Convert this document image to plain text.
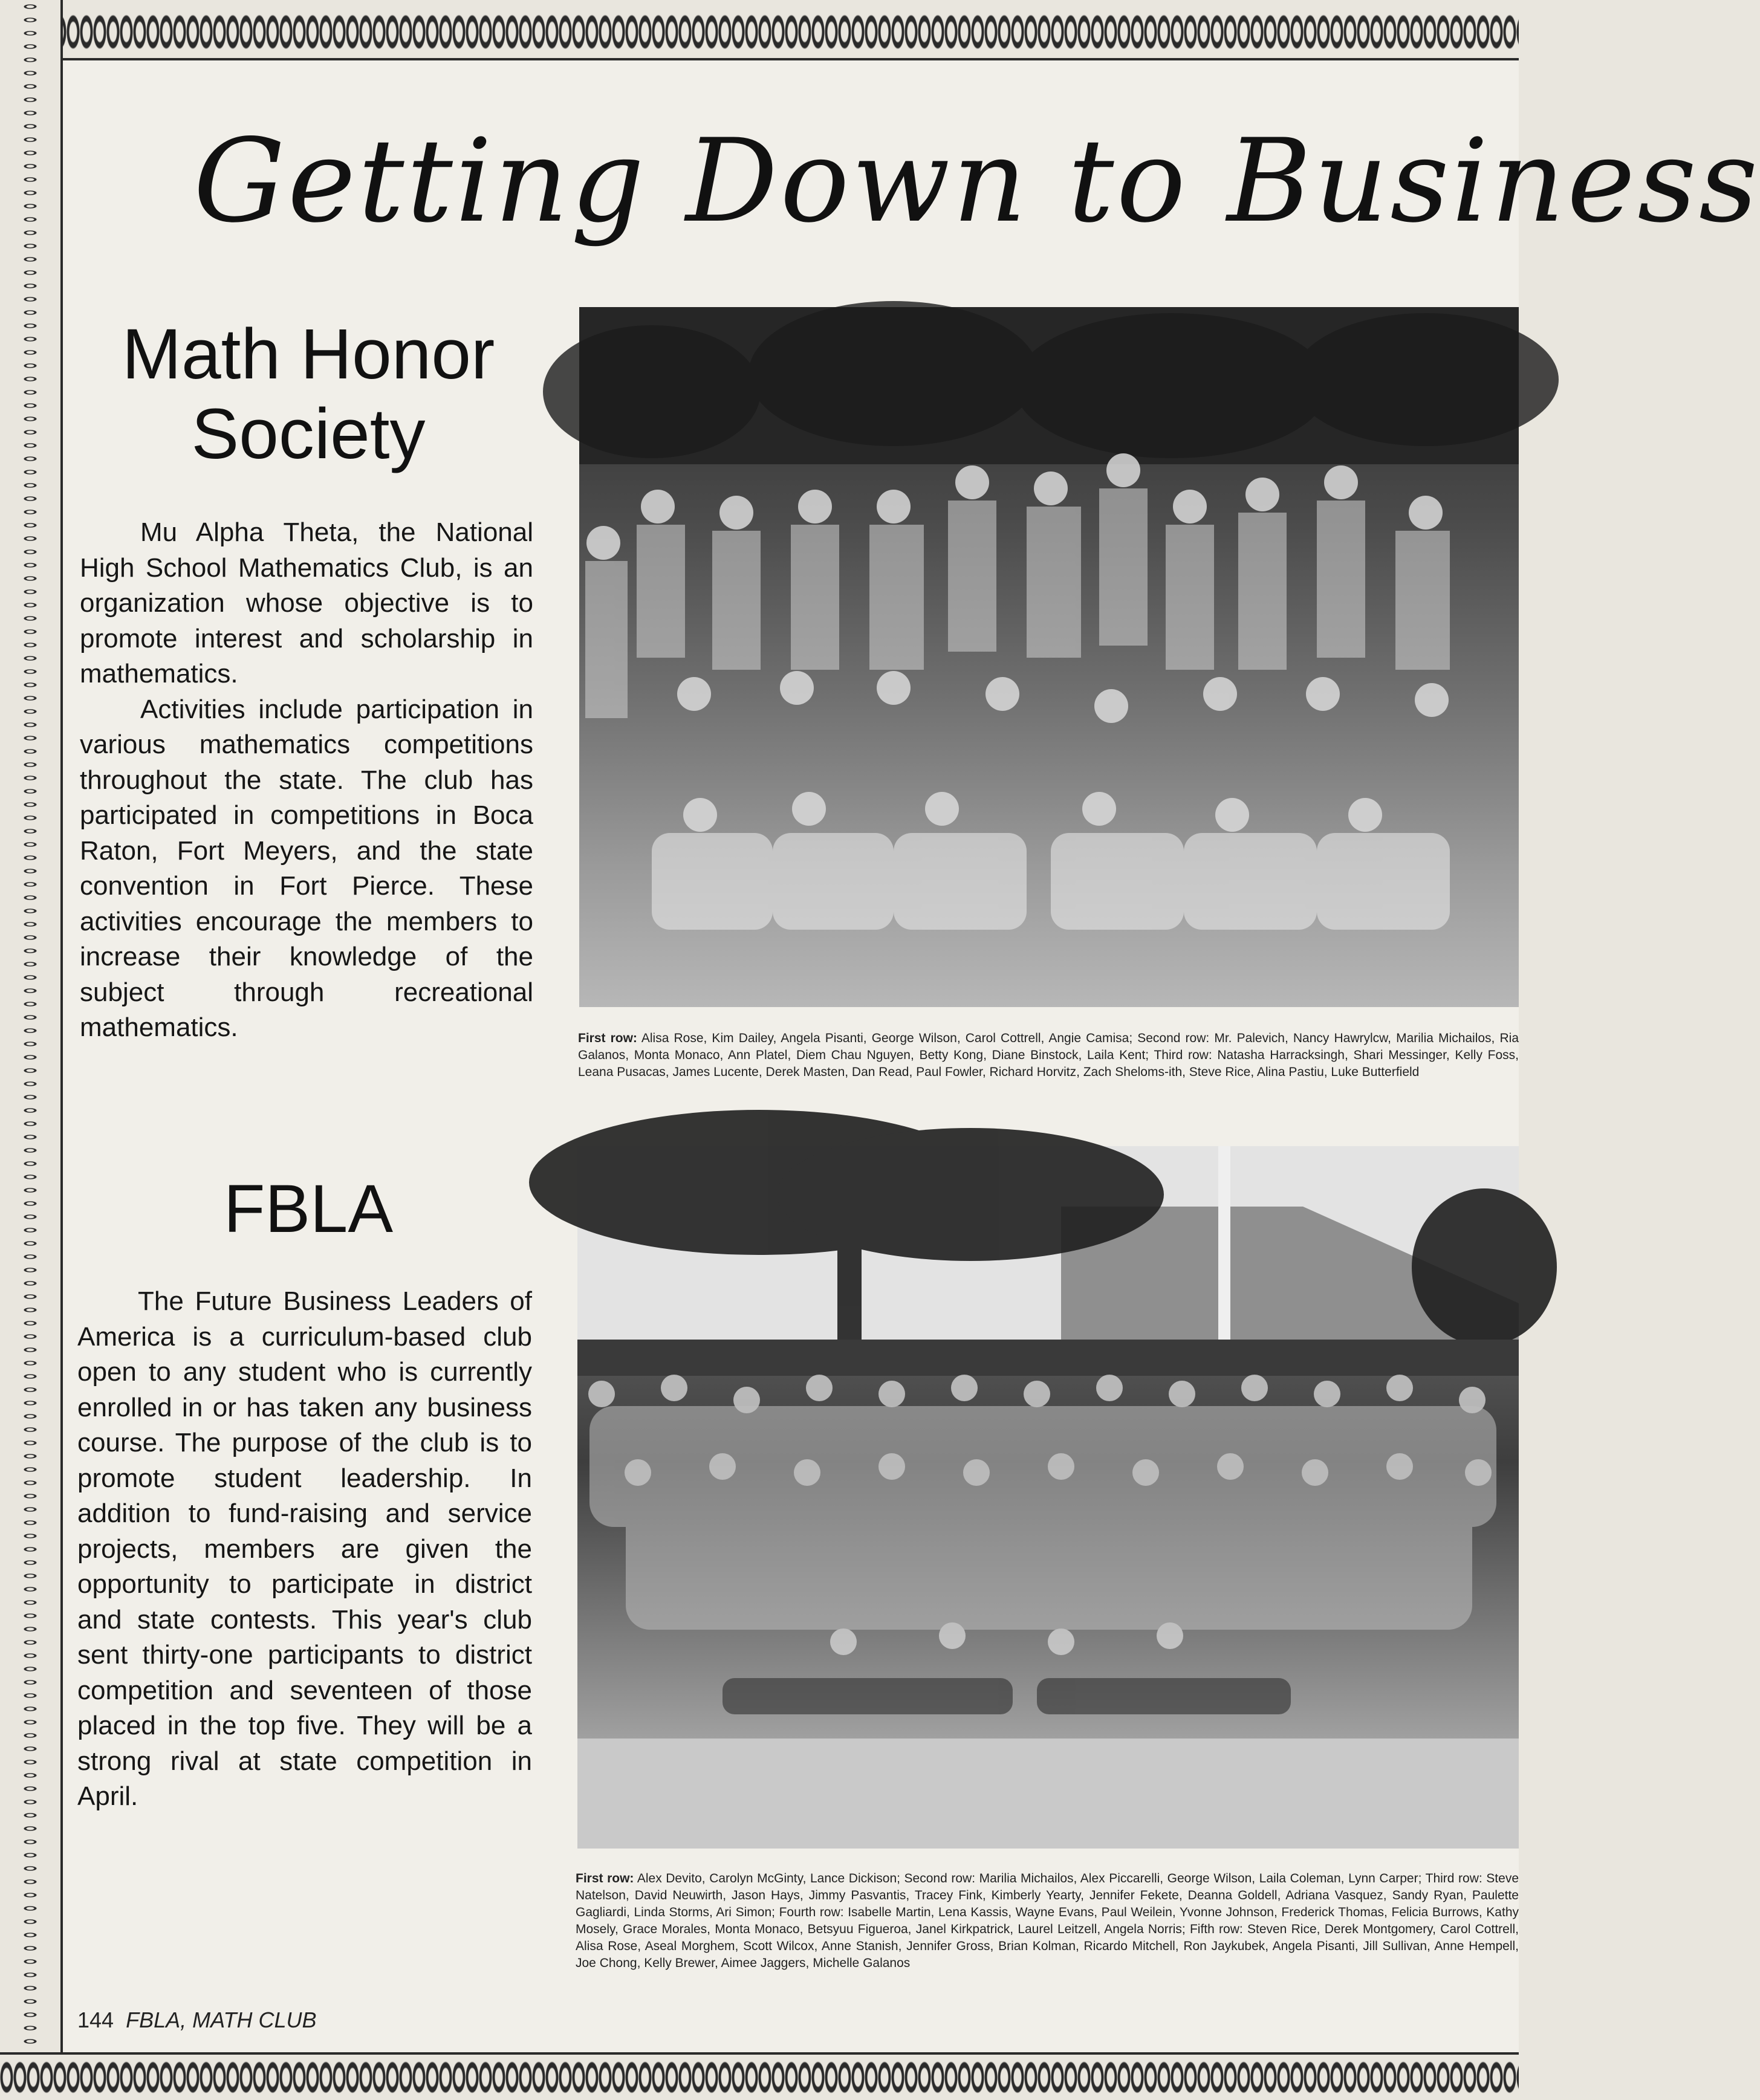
Getting Down to Business
Math Honor Society

Mu Alpha Theta, the National High School Mathematics Club, is an organization whose objective is to promote interest and scholarship in mathematics.

Activities include participation in various mathematics competitions throughout the state. The club has participated in competitions in Boca Raton, Fort Meyers, and the state convention in Fort Pierce. These activities encourage the members to increase their knowledge of the subject through recreational mathematics.	First row: Alisa Rose, Kim Dailey, Angela Pisanti, George Wilson, Carol Cottrell, Angie Camisa; Second row: Mr. Palevich, Nancy Hawrylcw, Marilia Michailos, Ria Galanos, Monta Monaco, Ann Platel, Diem Chau Nguyen, Betty Kong, Diane Binstock, Laila Kent; Third row: Natasha Harracksingh, Shari Messinger, Kelly Foss, Leana Pusacas, James Lucente, Derek Masten, Dan Read, Paul Fowler, Richard Horvitz, Zach Sheloms-ith, Steve Rice, Alina Pastiu, Luke Butterfield
FBLA

The Future Business Leaders of America is a curriculum-based club open to any student who is currently enrolled in or has taken any business course. The purpose of the club is to promote student leadership. In addition to fund-raising and service projects, members are given the opportunity to participate in district and state contests. This year's club sent thirty-one participants to district competition and seventeen of those placed in the top five. They will be a strong rival at state competition in April.

First row: Alex Devito, Carolyn McGinty, Lance Dickison; Second row: Marilia Michailos, Alex Piccarelli, George Wilson, Laila Coleman, Lynn Carper; Third row: Steve Natelson, David Neuwirth, Jason Hays, Jimmy Pasvantis, Tracey Fink, Kimberly Yearty, Jennifer Fekete, Deanna Goldell, Adriana Vasquez, Sandy Ryan, Paulette Gagliardi, Linda Storms, Ari Simon; Fourth row: Isabelle Martin, Lena Kassis, Wayne Evans, Paul Weilein, Yvonne Johnson, Frederick Thomas, Felicia Burrows, Kathy Mosely, Grace Morales, Monta Monaco, Betsyuu Figueroa, Janel Kirkpatrick, Laurel Leitzell, Angela Norris; Fifth row: Steven Rice, Derek Montgomery, Carol Cottrell, Alisa Rose, Aseal Morghem, Scott Wilcox, Anne Stanish, Jennifer Gross, Brian Kolman, Ricardo Mitchell, Ron Jaykubek, Angela Pisanti, Jill Sullivan, Anne Hempell, Joe Chong, Kelly Brewer, Aimee Jaggers, Michelle Galanos
144 FBLA, MATH CLUB
